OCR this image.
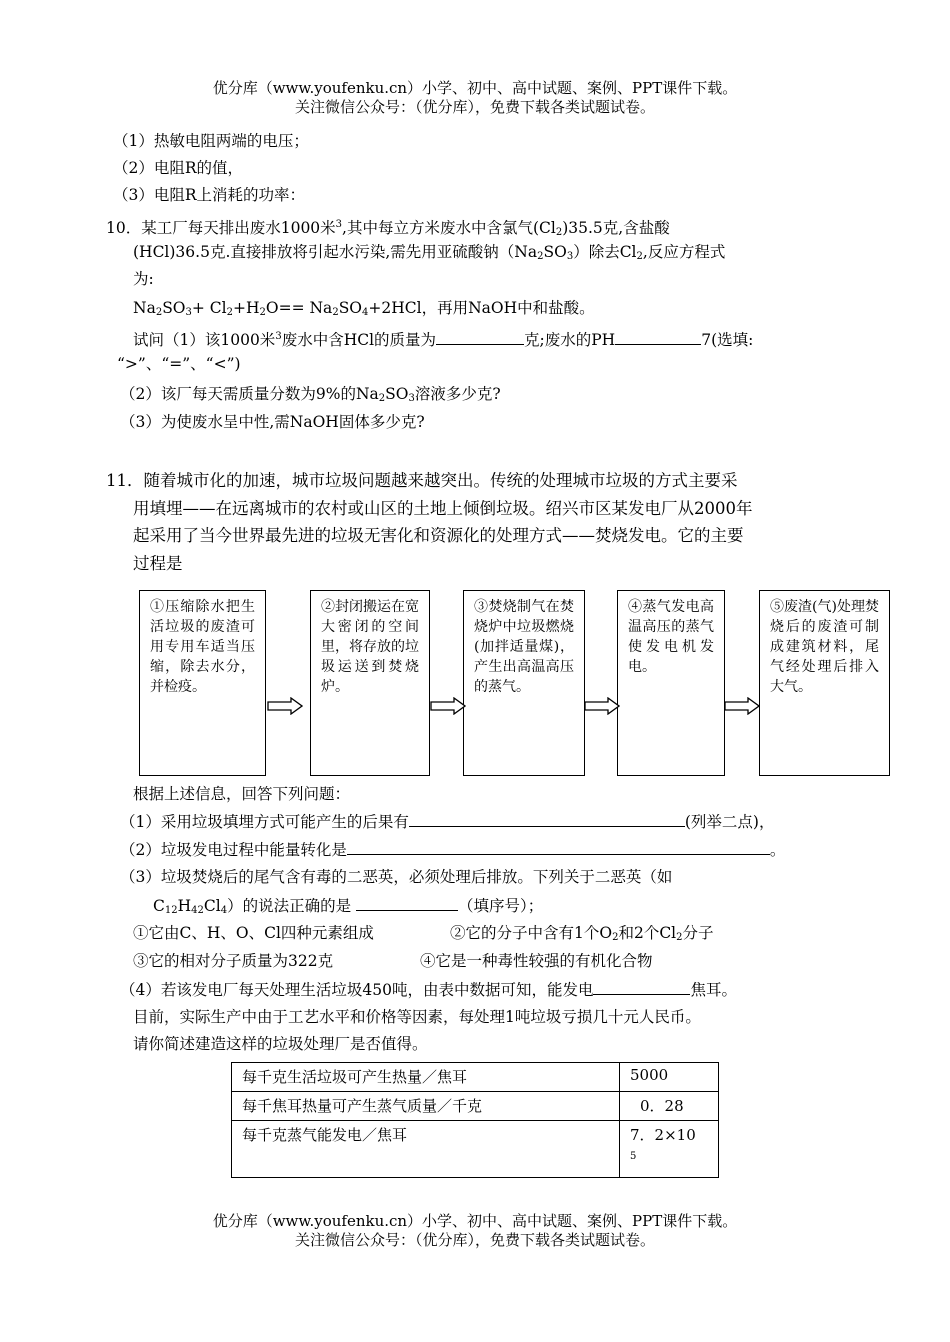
优分库（www.youfenku.cn）小学、初中、高中试题、案例、PPT课件下载。
关注微信公众号：（优分库），免费下载各类试题试卷。
（1）热敏电阻两端的电压；
（2）电阻R的值，
（3）电阻R上消耗的功率：
10．某工厂每天排出废水1000米$^3$,其中每立方米废水中含氯气$(Cl_2)35.5$克,含盐酸
(HCl)36.5克.直接排放将引起水污染,需先用亚硫酸钠$(Na_2SO_3)$除去$Cl_2$,反应方程式
为:
$Na_2SO_3+ Cl_2+H_2O== Na_2SO_4+2HCl$，再用NaOH中和盐酸。
试问（1）该1000米$^3$废水中含HCl的质量为	克;废水的PH	7(选填:
“>”、“=”、“<”)
（2）该厂每天需质量分数为9%的$Na_2SO_3$溶液多少克?
（3）为使废水呈中性,需NaOH固体多少克?
11．随着城市化的加速，城市垃圾问题越来越突出。传统的处理城市垃圾的方式主要采
用填埋——在远离城市的农村或山区的土地上倾倒垃圾。绍兴市区某发电厂从2000年
起采用了当今世界最先进的垃圾无害化和资源化的处理方式——焚烧发电。它的主要
过程是
①压缩除水把生活垃圾的废渣可用专用车适当压缩，除去水分，并检疫。
②封闭搬运在宽大密闭的空间里，将存放的垃圾运送到焚烧炉。
③焚烧制气在焚烧炉中垃圾燃烧(加拌适量煤)，产生出高温高压的蒸气。
④蒸气发电高温高压的蒸气使发电机发电。
⑤废渣(气)处理焚烧后的废渣可制成建筑材料，尾气经处理后排入大气。
根据上述信息，回答下列问题：
（1）采用垃圾填埋方式可能产生的后果有	(列举二点)，
（2）垃圾发电过程中能量转化是	。
（3）垃圾焚烧后的尾气含有毒的二恶英，必须处理后排放。下列关于二恶英（如
$C_{12}H_{42}Cl_4$）的说法正确的是	（填序号）；
①它由C、H、O、Cl四种元素组成	②它的分子中含有1个$O_2$和2个$Cl_2$分子
③它的相对分子质量为322克	④它是一种毒性较强的有机化合物
（4）若该发电厂每天处理生活垃圾450吨，由表中数据可知，能发电	焦耳。
目前，实际生产中由于工艺水平和价格等因素，每处理1吨垃圾亏损几十元人民币。
请你简述建造这样的垃圾处理厂是否值得。
每千克生活垃圾可产生热量／焦耳	5000
每千焦耳热量可产生蒸气质量／千克	0．28
每千克蒸气能发电／焦耳	7．2×10
5
优分库（www.youfenku.cn）小学、初中、高中试题、案例、PPT课件下载。
关注微信公众号：（优分库），免费下载各类试题试卷。
